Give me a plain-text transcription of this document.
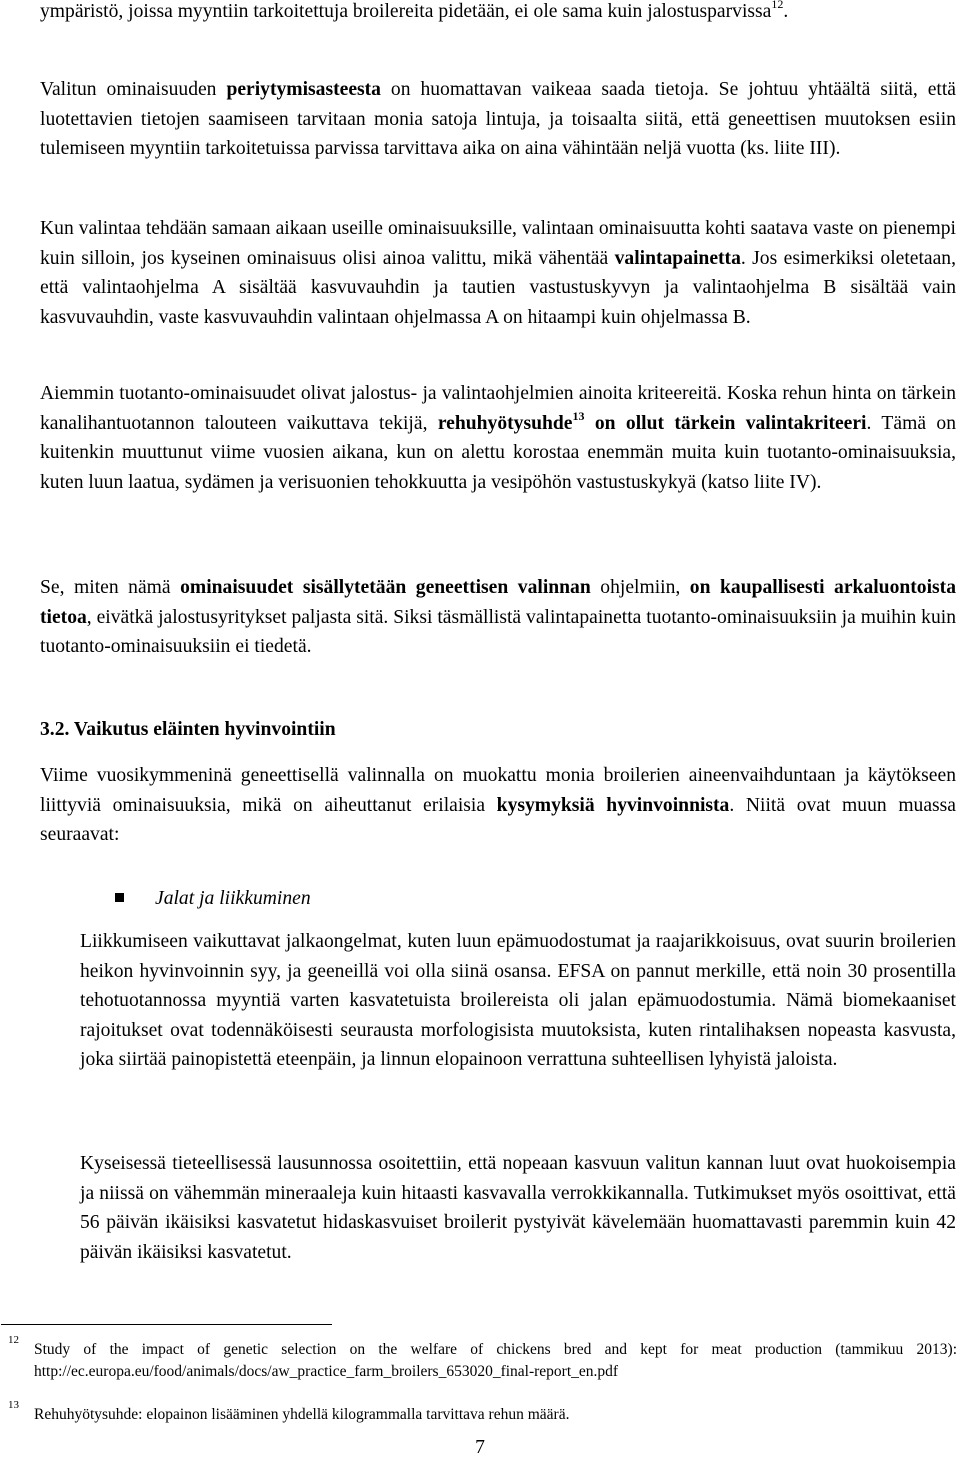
ympäristö, joissa myyntiin tarkoitettuja broilereita pidetään, ei ole sama kuin jalostusparvissa$^{12}$.

Valitun ominaisuuden periytymisasteesta on huomattavan vaikeaa saada tietoja. Se johtuu yhtäältä siitä, että luotettavien tietojen saamiseen tarvitaan monia satoja lintuja, ja toisaalta siitä, että geneettisen muutoksen esiin tulemiseen myyntiin tarkoitetuissa parvissa tarvittava aika on aina vähintään neljä vuotta (ks. liite III).

Kun valintaa tehdään samaan aikaan useille ominaisuuksille, valintaan ominaisuutta kohti saatava vaste on pienempi kuin silloin, jos kyseinen ominaisuus olisi ainoa valittu, mikä vähentää valintapainetta. Jos esimerkiksi oletetaan, että valintaohjelma A sisältää kasvuvauhdin ja tautien vastustuskyvyn ja valintaohjelma B sisältää vain kasvuvauhdin, vaste kasvuvauhdin valintaan ohjelmassa A on hitaampi kuin ohjelmassa B.

Aiemmin tuotanto-ominaisuudet olivat jalostus- ja valintaohjelmien ainoita kriteereitä. Koska rehun hinta on tärkein kanalihantuotannon talouteen vaikuttava tekijä, rehuhyötysuhde$^{13}$ on ollut tärkein valintakriteeri. Tämä on kuitenkin muuttunut viime vuosien aikana, kun on alettu korostaa enemmän muita kuin tuotanto-ominaisuuksia, kuten luun laatua, sydämen ja verisuonien tehokkuutta ja vesipöhön vastustuskykyä (katso liite IV).

Se, miten nämä ominaisuudet sisällytetään geneettisen valinnan ohjelmiin, on kaupallisesti arkaluontoista tietoa, eivätkä jalostusyritykset paljasta sitä. Siksi täsmällistä valintapainetta tuotanto-ominaisuuksiin ja muihin kuin tuotanto-ominaisuuksiin ei tiedetä.

3.2. Vaikutus eläinten hyvinvointiin

Viime vuosikymmeninä geneettisellä valinnalla on muokattu monia broilerien aineenvaihduntaan ja käytökseen liittyviä ominaisuuksia, mikä on aiheuttanut erilaisia kysymyksiä hyvinvoinnista. Niitä ovat muun muassa seuraavat:

Jalat ja liikkuminen

Liikkumiseen vaikuttavat jalkaongelmat, kuten luun epämuodostumat ja raajarikkoisuus, ovat suurin broilerien heikon hyvinvoinnin syy, ja geeneillä voi olla siinä osansa. EFSA on pannut merkille, että noin 30 prosentilla tehotuotannossa myyntiä varten kasvatetuista broilereista oli jalan epämuodostumia. Nämä biomekaaniset rajoitukset ovat todennäköisesti seurausta morfologisista muutoksista, kuten rintalihaksen nopeasta kasvusta, joka siirtää painopistettä eteenpäin, ja linnun elopainoon verrattuna suhteellisen lyhyistä jaloista.

Kyseisessä tieteellisessä lausunnossa osoitettiin, että nopeaan kasvuun valitun kannan luut ovat huokoisempia ja niissä on vähemmän mineraaleja kuin hitaasti kasvavalla verrokkikannalla. Tutkimukset myös osoittivat, että 56 päivän ikäisiksi kasvatetut hidaskasvuiset broilerit pystyivät kävelemään huomattavasti paremmin kuin 42 päivän ikäisiksi kasvatetut.

12
Study of the impact of genetic selection on the welfare of chickens bred and kept for meat production (tammikuu 2013): http://ec.europa.eu/food/animals/docs/aw_practice_farm_broilers_653020_final-report_en.pdf
13
Rehuhyötysuhde: elopainon lisääminen yhdellä kilogrammalla tarvittava rehun määrä.
7
